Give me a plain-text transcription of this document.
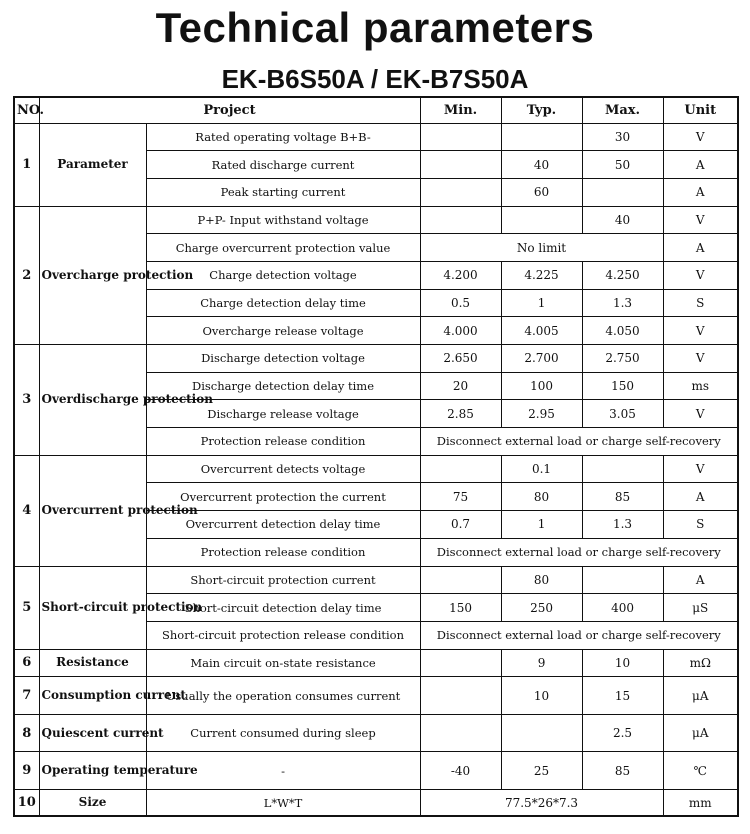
Technical parameters
EK-B6S50A / EK-B7S50A
NO.	Project		Min.	Typ.	Max.	Unit
1	Parameter	Rated operating voltage B+B-			30	V
		Rated discharge current		40	50	A
		Peak starting current		60		A
2	Overcharge protection	P+P- Input withstand voltage			40	V
		Charge overcurrent protection value	No limit			A
		Charge detection voltage	4.200	4.225	4.250	V
		Charge detection delay time	0.5	1	1.3	S
		Overcharge release voltage	4.000	4.005	4.050	V
3	Overdischarge protection	Discharge detection voltage	2.650	2.700	2.750	V
		Discharge detection delay time	20	100	150	ms
		Discharge release voltage	2.85	2.95	3.05	V
		Protection release condition	Disconnect external load or charge self-recovery			
4	Overcurrent protection	Overcurrent detects voltage		0.1		V
		Overcurrent protection the current	75	80	85	A
		Overcurrent detection delay time	0.7	1	1.3	S
		Protection release condition	Disconnect external load or charge self-recovery			
5	Short-circuit protection	Short-circuit protection current		80		A
		Short-circuit detection delay time	150	250	400	μS
		Short-circuit protection release condition	Disconnect external load or charge self-recovery			
6	Resistance	Main circuit on-state resistance		9	10	mΩ
7	Consumption current	Usually the operation consumes current		10	15	μA
8	Quiescent current	Current consumed during sleep			2.5	μA
9	Operating temperature	-	-40	25	85	℃
10	Size	L*W*T	77.5*26*7.3			mm
